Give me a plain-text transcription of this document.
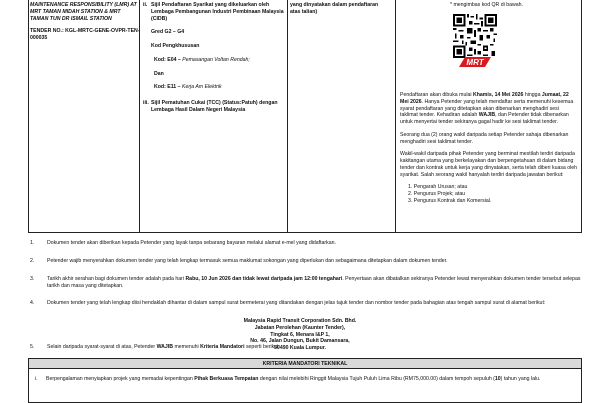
MAINTENANCE RESPONSIBILITY (LMR) AT MRT TAMAN MIDAH STATION & MRT TAMAN TUN DR ISMAIL STATION
TENDER NO.: KGL-MRTC-GENE-OVPR-TEN-000035
ii. Sijil Pendaftaran Syarikat yang dikeluarkan oleh Lembaga Pembangunan Industri Pembinaan Malaysia (CIDB)
Gred G2 – G4
Kod Pengkhususan
Kod: E04 – Pemasangan Voltan Rendah;
Dan
Kod: E11 – Kerja Am Elektrik
iii. Sijil Pematuhan Cukai (TCC) (Status:Patuh) dengan Lembaga Hasil Dalam Negeri Malaysia
yang dinyatakan dalam pendaftaran atas talian)
* mengimbas kod QR di bawah.
MRT
Pendaftaran akan dibuka mulai Khamis, 14 Mei 2026 hingga Jumaat, 22 Mei 2026. Hanya Petender yang telah mendaftar serta memenuhi kesemua syarat pendaftaran yang ditetapkan akan dibenarkan menghadiri sesi taklimat tender. Kehadiran adalah WAJIB, dan Petender tidak dibenarkan untuk menyertai tender sekiranya gagal hadir ke sesi taklimat tender.
Seorang dua (2) orang wakil daripada setiap Petender sahaja dibenarkan menghadiri sesi taklimat tender.
Wakil-wakil daripada pihak Petender yang berminat mestilah terdiri daripada kakitangan utama yang berkelayakan dan berpengetahuan di dalam bidang tender dan kontrak untuk kerja yang dinyatakan, serta telah diberi kuasa oleh syarikat. Salah seorang wakil hanyalah terdiri daripada jawatan berikut:
1. Pengarah Urusan; atau
2. Pengurus Projek; atau
3. Pengurus Kontrak dan Komersial.
1. Dokumen tender akan diberikan kepada Petender yang layak tanpa sebarang bayaran melalui alamat e-mel yang didaftarkan.
2. Petender wajib menyerahkan dokumen tender yang telah lengkap termasuk semua maklumat sokongan yang diperlukan dan sebagaimana ditetapkan dalam dokumen tender.
3. Tarikh akhir serahan bagi dokumen tender adalah pada hari Rabu, 10 Jun 2026 dan tidak lewat daripada jam 12:00 tengahari. Penyertaan akan dibatalkan sekiranya Petender lewat menyerahkan dokumen tender tersebut selepas tarikh dan masa yang ditetapkan.
4. Dokumen tender yang telah lengkap diisi hendaklah dihantar di dalam sampul surat bermeterai yang ditandakan dengan jelas tajuk tender dan nombor tender pada bahagian atas tengah sampul surat di alamat berikut:
5. Selain daripada syarat-syarat di atas, Petender WAJIB memenuhi Kriteria Mandatori seperti berikut:
Malaysia Rapid Transit Corporation Sdn. Bhd.
Jabatan Perolehan (Kaunter Tender),
Tingkat 6, Menara I&P 1,
No. 46, Jalan Dungun, Bukit Damansara,
50490 Kuala Lumpur.
KRITERIA MANDATORI TEKNIKAL
i.	Berpengalaman menyiapkan projek yang memadai kepentingan Pihak Berkuasa Tempatan dengan nilai melebihi Ringgit Malaysia Tujuh Puluh Lima Ribu (RM75,000.00) dalam tempoh sepuluh (10) tahun yang lalu.
